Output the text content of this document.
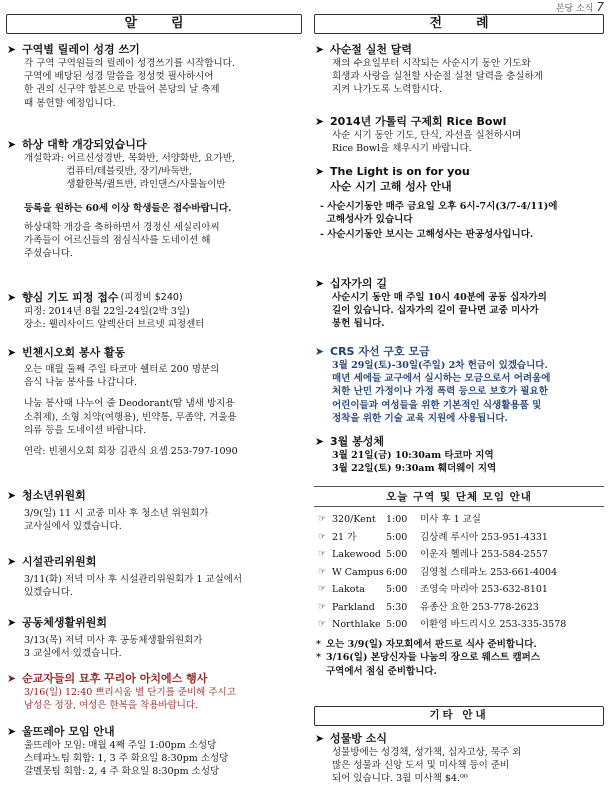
본당 소식 7
알림
➤ 구역별 릴레이 성경 쓰기

각 구역 구역원들의 릴레이 성경쓰기를 시작합니다.

구역에 배당된 성경 말씀을 정성껏 필사하시어

한 권의 신구약 합본으로 만들어 본당의 날 축제

때 봉헌할 예정입니다.

➤ 하상 대학 개강되었습니다

개설학과: 어르신성경반, 목화반, 서양화반, 요가반,

컴퓨터/테블릿반, 장기/바둑반,

생활한복/퀼트반, 라인댄스/사물놀이반

등록을 원하는 60세 이상 학생들은 접수바랍니다.

하상대학 개강을 축하하면서 경정신 세실리아씨

가족들이 어르신들의 점심식사를 도네이션 해

주셨습니다.

➤ 향심 기도 피정 접수 (피정비 $240)

피정: 2014년 8월 22일-24일(2박 3일)

장소: 웰리사이드 알렉산더 브르넷 피정센터

➤ 빈첸시오회 봉사 활동

오는 매월 둘째 주일 타코마 쉘터로 200 명분의

음식 나눔 봉사를 나갑니다.

나눔 봉사때 나누어 줄 Deodorant(땀 냄새 방지용

소취제), 소형 치약(여행용), 빈약통, 무좀약, 겨울용

의류 등을 도네이션 바랍니다.

연락: 빈첸시오회 회장 김관식 요셉 253-797-1090

➤ 청소년위원회

3/9(일) 11 시 교중 미사 후 청소년 위원회가

교사실에서 있겠습니다.

➤ 시설관리위원회

3/11(화) 저녁 미사 후 시설관리위원회가 1 교실에서

있겠습니다.

➤ 공동체생활위원회

3/13(목) 저녁 미사 후 공동체생활위원회가

3 교실에서 있겠습니다.

➤ 순교자들의 묘후 꾸리아 아치에스 행사

3/16(일) 12:40 쁘리시움 별 단기를 준비해 주시고

남성은 정장, 여성은 한복을 착용바랍니다.

➤ 울뜨레아 모임 안내

울뜨레아 모임: 매월 4째 주일 1:00pm 소성당

스테파노팀 회합: 1, 3 주 화요일 8:30pm 소성당

갈멜못팀 회합: 2, 4 주 화요일 8:30pm 소성당

전례
➤ 사순절 실천 달력

재의 수요일부터 시작되는 사순시기 동안 기도와

희생과 사랑을 실천할 사순절 실천 달력을 충실하게

지켜 나가도록 노력합시다.

➤ 2014년 가톨릭 구제회 Rice Bowl

사순 시기 동안 기도, 단식, 자선을 실천하시며

Rice Bowl을 채우시기 바랍니다.

➤ The Light is on for you
사순 시기 고해 성사 안내

- 사순시기동안 매주 금요일 오후 6시-7시(3/7-4/11)에

고해성사가 있습니다

- 사순시기동안 보시는 고해성사는 판공성사입니다.

➤ 십자가의 길

사순시기 동안 매 주일 10시 40분에 공동 십자가의

길이 있습니다. 십자가의 길이 끝나면 교중 미사가

봉헌 됩니다.

➤ CRS 자선 구호 모금

3월 29일(토)-30일(주일) 2차 헌금이 있겠습니다.

매년 세에들 교구에서 실시하는 모금으로서 어려움에

처한 난민 가정이나 가정 폭력 등으로 보호가 필요한

어린이들과 여성들을 위한 기본적인 식생활용품 및

정착을 위한 기술 교육 지원에 사용됩니다.

➤ 3월 봉성체

3월 21일(금) 10:30am 타코마 지역

3월 22일(토) 9:30am 훼더웨이 지역

오늘 구역 및 단체 모임 안내
☞ 320/Kent	1:00	미사 후 1 교실
☞ 21 가	5:00	김상례 루시아 253-951-4331
☞ Lakewood 5:00	이운자 헬레나 253-584-2557
☞ W Campus 6:00	김영철 스테파노 253-661-4004
☞ Lakota	5:00	조영숙 마리아 253-632-8101
☞ Parkland	5:30	유종산 요한 253-778-2623
☞ Northlake 5:00	이환영 바드리시오 253-335-3578
* 오는 3/9(일) 자모회에서 판드로 식사 준비합니다.
* 3/16(일) 본당신자들 나눔의 장으로 웨스트 캠퍼스
구역에서 점심 준비합니다.
기타 안내
➤ 성물방 소식

성물방에는 성경책, 성가책, 십자고상, 묵주 외

많은 성물과 신앙 도서 및 미사책 등이 준비

되어 있습니다. 3월 미사책 $4.⁰⁰
